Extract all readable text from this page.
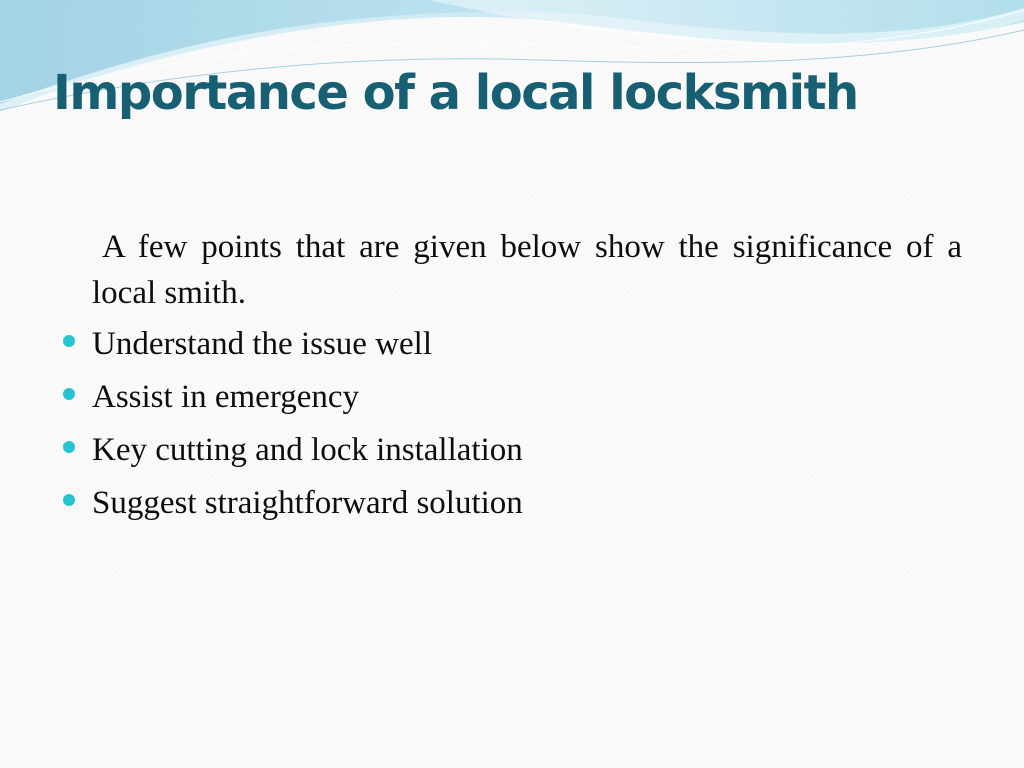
Importance of a local locksmith

A few points that are given below show the significance of a local smith.

Understand the issue well
Assist in emergency
Key cutting and lock installation
Suggest straightforward solution
